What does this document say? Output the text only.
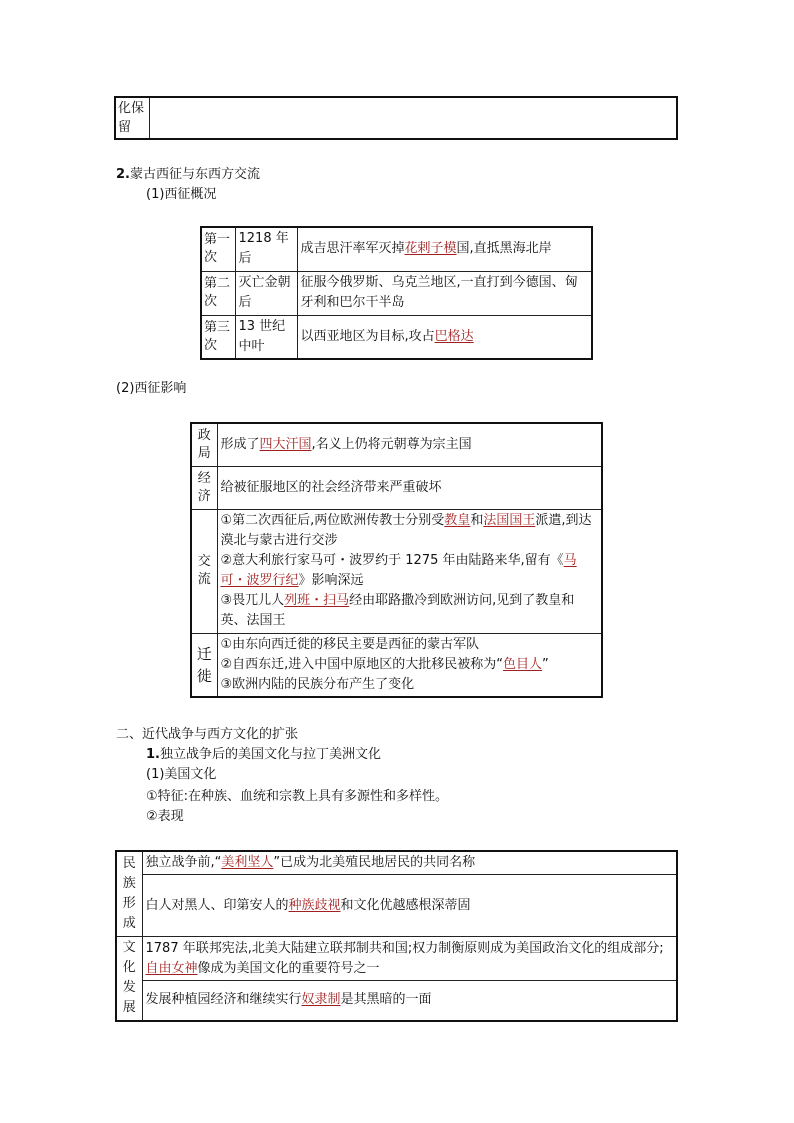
化保留	
2.蒙古西征与东西方交流
(1)西征概况
第一次	1218 年后	成吉思汗率军灭掉花剌子模国,直抵黑海北岸
第二次	灭亡金朝后	征服今俄罗斯、乌克兰地区,一直打到今德国、匈牙利和巴尔干半岛
第三次	13 世纪中叶	以西亚地区为目标,攻占巴格达
(2)西征影响
政局	形成了四大汗国,名义上仍将元朝尊为宗主国
经济	给被征服地区的社会经济带来严重破坏
交流	①第二次西征后,两位欧洲传教士分别受教皇和法国国王派遣,到达漠北与蒙古进行交涉
②意大利旅行家马可・波罗约于 1275 年由陆路来华,留有《马可・波罗行纪》影响深远
③畏兀儿人列班・扫马经由耶路撒冷到欧洲访问,见到了教皇和英、法国王

迁徙	①由东向西迁徙的移民主要是西征的蒙古军队
②自西东迁,进入中国中原地区的大批移民被称为“色目人”
③欧洲内陆的民族分布产生了变化
二、近代战争与西方文化的扩张
1.独立战争后的美国文化与拉丁美洲文化
(1)美国文化
①特征:在种族、血统和宗教上具有多源性和多样性。
②表现
民族形成	独立战争前,“美利坚人”已成为北美殖民地居民的共同名称
	白人对黑人、印第安人的种族歧视和文化优越感根深蒂固
文化发展	1787 年联邦宪法,北美大陆建立联邦制共和国;权力制衡原则成为美国政治文化的组成部分;自由女神像成为美国文化的重要符号之一
	发展种植园经济和继续实行奴隶制是其黑暗的一面
